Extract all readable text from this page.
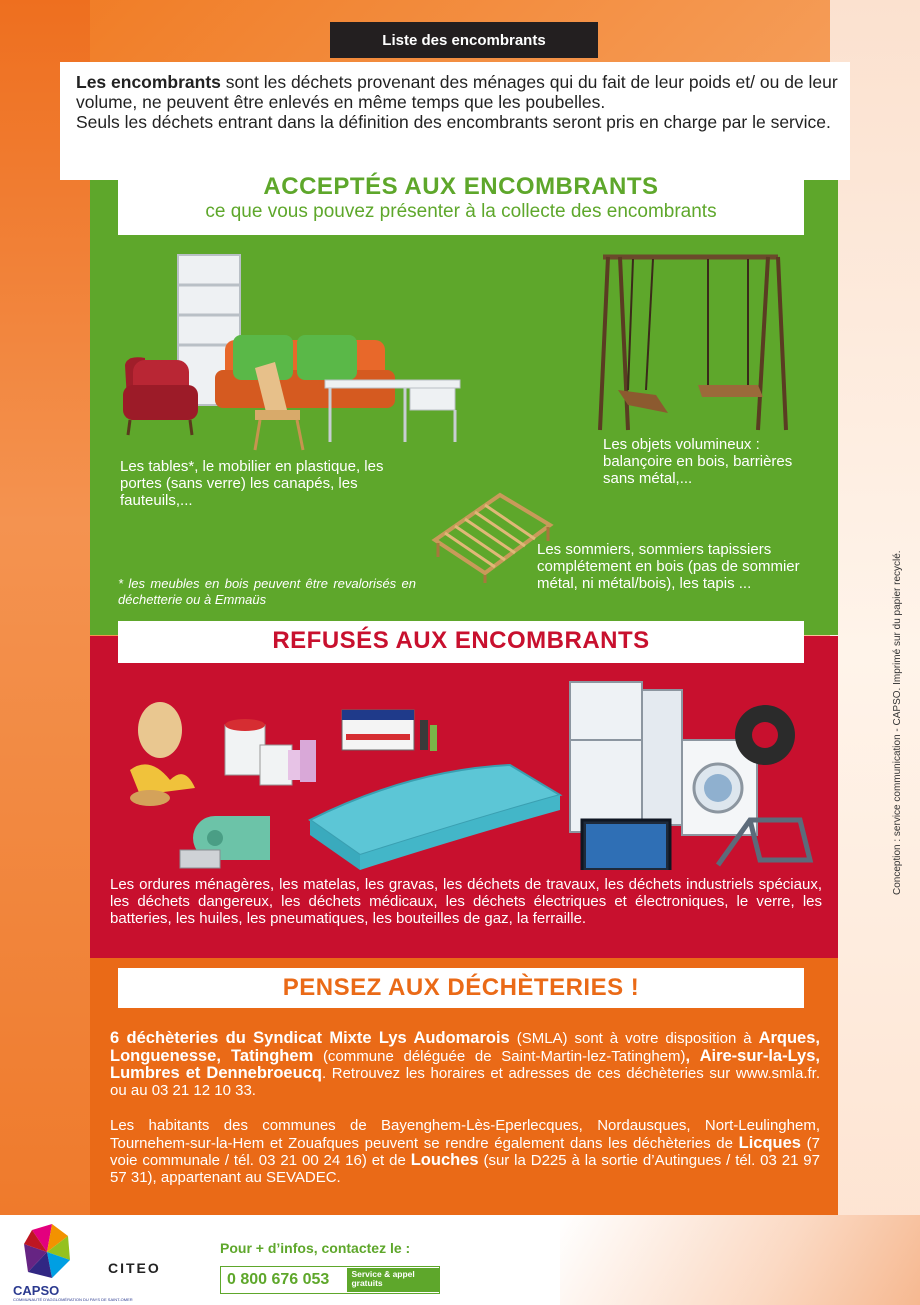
Liste des encombrants

Les encombrants sont les déchets provenant des ménages qui du fait de leur poids et/ ou de leur volume, ne peuvent être enlevés en même temps que les poubelles.
Seuls les déchets entrant dans la définition des encombrants seront pris en charge par le service.

ACCEPTÉS AUX ENCOMBRANTS
ce que vous pouvez présenter à la collecte des encombrants
Les tables*, le mobilier en plastique, les portes (sans verre) les canapés, les fauteuils,...
* les meubles en bois peuvent être revalorisés en déchetterie ou à Emmaüs
Les objets volumineux : balançoire en bois, barrières sans métal,...
Les sommiers, sommiers tapissiers complétement en bois (pas de sommier métal, ni métal/bois), les tapis ...
REFUSÉS AUX ENCOMBRANTS
Les ordures ménagères, les matelas, les gravas, les déchets de travaux, les déchets industriels spéciaux, les déchets dangereux, les déchets médicaux, les déchets électriques et électroniques, le verre, les batteries, les huiles, les pneumatiques, les bouteilles de gaz, la ferraille.
PENSEZ AUX DÉCHÈTERIES !
6 déchèteries du Syndicat Mixte Lys Audomarois (SMLA) sont à votre disposition à Arques, Longuenesse, Tatinghem (commune déléguée de Saint-Martin-lez-Tatinghem), Aire-sur-la-Lys, Lumbres et Dennebroeucq. Retrouvez les horaires et adresses de ces déchèteries sur www.smla.fr. ou au 03 21 12 10 33.
Les habitants des communes de Bayenghem-Lès-Eperlecques, Nordausques, Nort-Leulinghem, Tournehem-sur-la-Hem et Zouafques peuvent se rendre également dans les déchèteries de Licques (7 voie communale / tél. 03 21 00 24 16) et de Louches (sur la D225 à la sortie d’Autingues / tél. 03 21 97 57 31), appartenant au SEVADEC.
Conception : service communication - CAPSO. Imprimé sur du papier recyclé.
CAPSO
COMMUNAUTÉ D'AGGLOMÉRATION DU PAYS DE SAINT-OMER
CITEO
Pour + d’infos, contactez le :
0 800 676 053	Service & appel
gratuits
